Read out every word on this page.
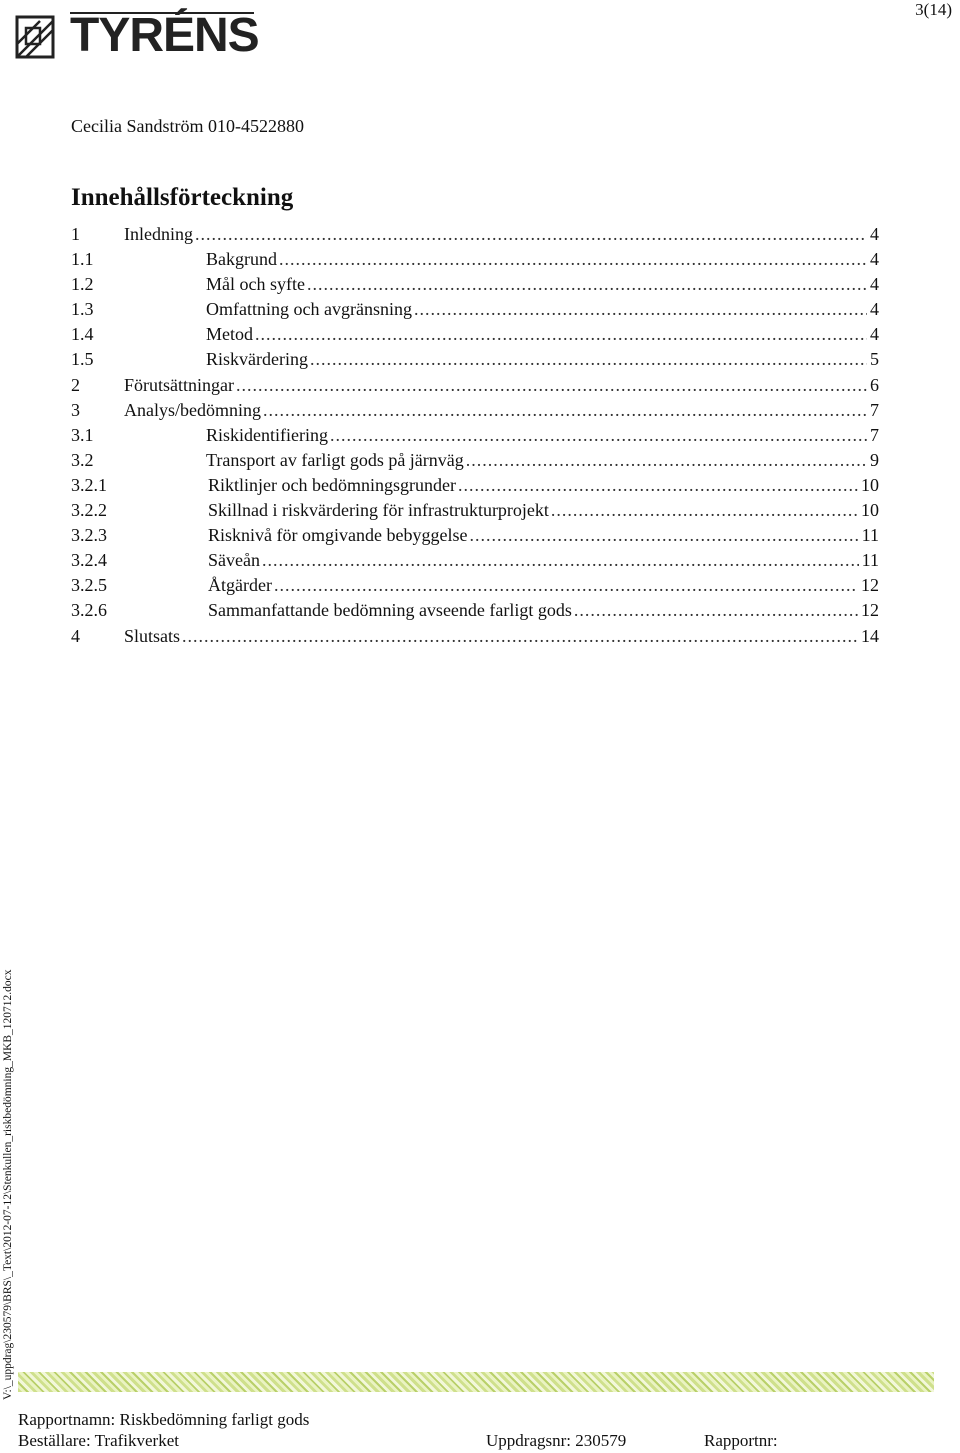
3(14)
TYRÉNS
Cecilia Sandström 010-4522880
Innehållsförteckning
1	Inledning .....	4
1.1	Bakgrund .....	4
1.2	Mål och syfte .....	4
1.3	Omfattning och avgränsning .....	4
1.4	Metod .....	4
1.5	Riskvärdering .....	5
2	Förutsättningar .....	6
3	Analys/bedömning .....	7
3.1	Riskidentifiering .....	7
3.2	Transport av farligt gods på järnväg .....	9
3.2.1	Riktlinjer och bedömningsgrunder .....	10
3.2.2	Skillnad i riskvärdering för infrastrukturprojekt .....	10
3.2.3	Risknivå för omgivande bebyggelse .....	11
3.2.4	Säveån .....	11
3.2.5	Åtgärder .....	12
3.2.6	Sammanfattande bedömning avseende farligt gods .....	12
4	Slutsats .....	14
V:\_uppdrag\230579\BRS\_Text\2012-07-12\Stenkullen_riskbedömning_MKB_120712.docx
Rapportnamn: Riskbedömning farligt gods
Beställare: Trafikverket	Uppdragsnr: 230579	Rapportnr:
